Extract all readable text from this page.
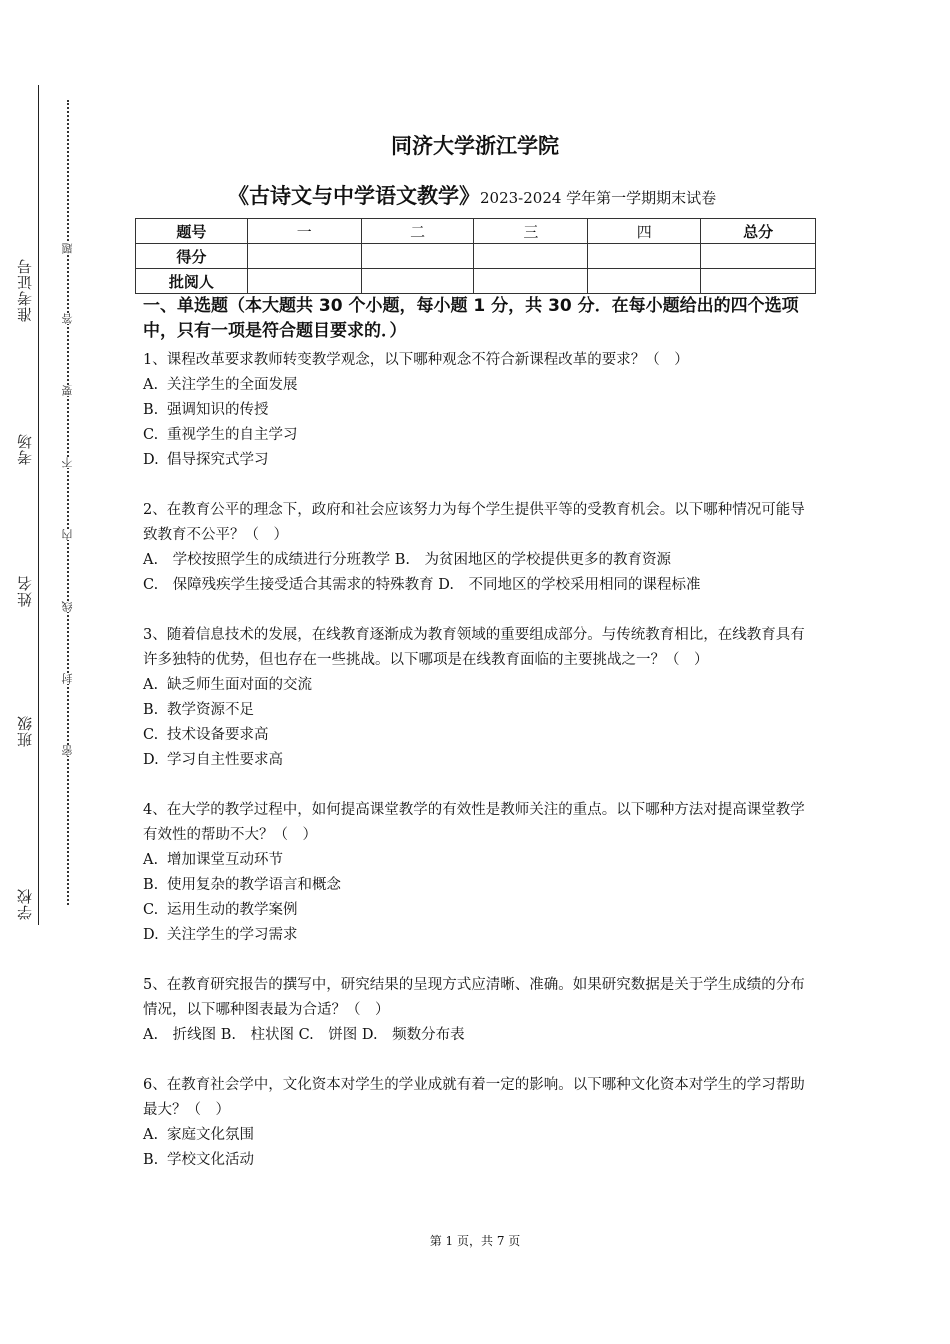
学校
班级
姓名
考场
准考证号
密
封
线
内
不
要
答
题
同济大学浙江学院
《古诗文与中学语文教学》2023-2024 学年第一学期期末试卷
题号	一	二	三	四	总分
得分					
批阅人					

一、单选题（本大题共 30 个小题，每小题 1 分，共 30 分．在每小题给出的四个选项中，只有一项是符合题目要求的．）

1、课程改革要求教师转变教学观念，以下哪种观念不符合新课程改革的要求？（　）

A. 关注学生的全面发展

B. 强调知识的传授

C. 重视学生的自主学习

D. 倡导探究式学习

2、在教育公平的理念下，政府和社会应该努力为每个学生提供平等的受教育机会。以下哪种情况可能导致教育不公平？（　）

A.　学校按照学生的成绩进行分班教学 B.　为贫困地区的学校提供更多的教育资源

C.　保障残疾学生接受适合其需求的特殊教育 D.　不同地区的学校采用相同的课程标准

3、随着信息技术的发展，在线教育逐渐成为教育领域的重要组成部分。与传统教育相比，在线教育具有许多独特的优势，但也存在一些挑战。以下哪项是在线教育面临的主要挑战之一？（　）

A. 缺乏师生面对面的交流

B. 教学资源不足

C. 技术设备要求高

D. 学习自主性要求高

4、在大学的教学过程中，如何提高课堂教学的有效性是教师关注的重点。以下哪种方法对提高课堂教学有效性的帮助不大？（　）

A. 增加课堂互动环节

B. 使用复杂的教学语言和概念

C. 运用生动的教学案例

D. 关注学生的学习需求

5、在教育研究报告的撰写中，研究结果的呈现方式应清晰、准确。如果研究数据是关于学生成绩的分布情况，以下哪种图表最为合适？（　）

A.　折线图 B.　柱状图 C.　饼图 D.　频数分布表

6、在教育社会学中，文化资本对学生的学业成就有着一定的影响。以下哪种文化资本对学生的学习帮助最大？（　）

A. 家庭文化氛围

B. 学校文化活动

第 1 页，共 7 页
